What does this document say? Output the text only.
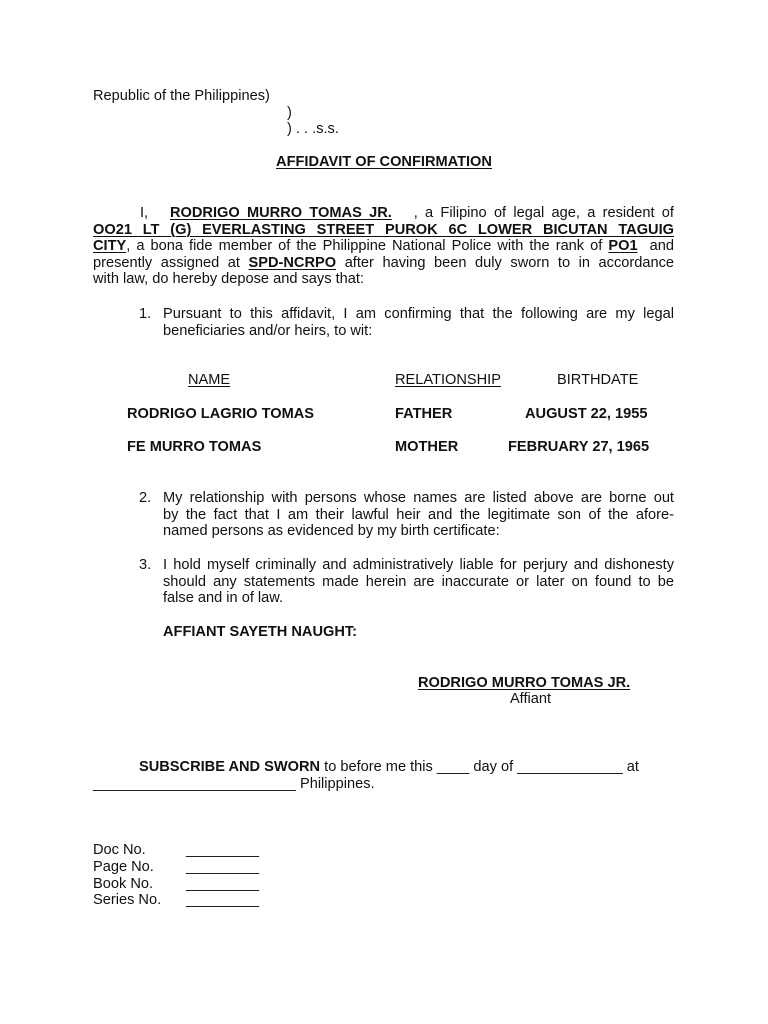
Republic of the Philippines)
)
) . . .s.s.
AFFIDAVIT OF CONFIRMATION
I, RODRIGO MURRO TOMAS JR. , a Filipino of legal age, a resident of
OO21 LT (G) EVERLASTING STREET PUROK 6C LOWER BICUTAN TAGUIG
CITY, a bona fide member of the Philippine National Police with the rank of PO1 and
presently assigned at SPD-NCRPO after having been duly sworn to in accordance
with law, do hereby depose and says that:
1. Pursuant to this affidavit, I am confirming that the following are my legal
beneficiaries and/or heirs, to wit:
NAME	RELATIONSHIP	BIRTHDATE
RODRIGO LAGRIO TOMAS	FATHER	AUGUST 22, 1955
FE MURRO TOMAS	MOTHER	FEBRUARY 27, 1965
2. My relationship with persons whose names are listed above are borne out
by the fact that I am their lawful heir and the legitimate son of the afore-
named persons as evidenced by my birth certificate:
3. I hold myself criminally and administratively liable for perjury and dishonesty
should any statements made herein are inaccurate or later on found to be
false and in of law.
AFFIANT SAYETH NAUGHT:
RODRIGO MURRO TOMAS JR.
Affiant
SUBSCRIBE AND SWORN to before me this ____ day of _____________ at
_________________________ Philippines.
Doc No.	_________
Page No. _________
Book No. _________
Series No. _________
